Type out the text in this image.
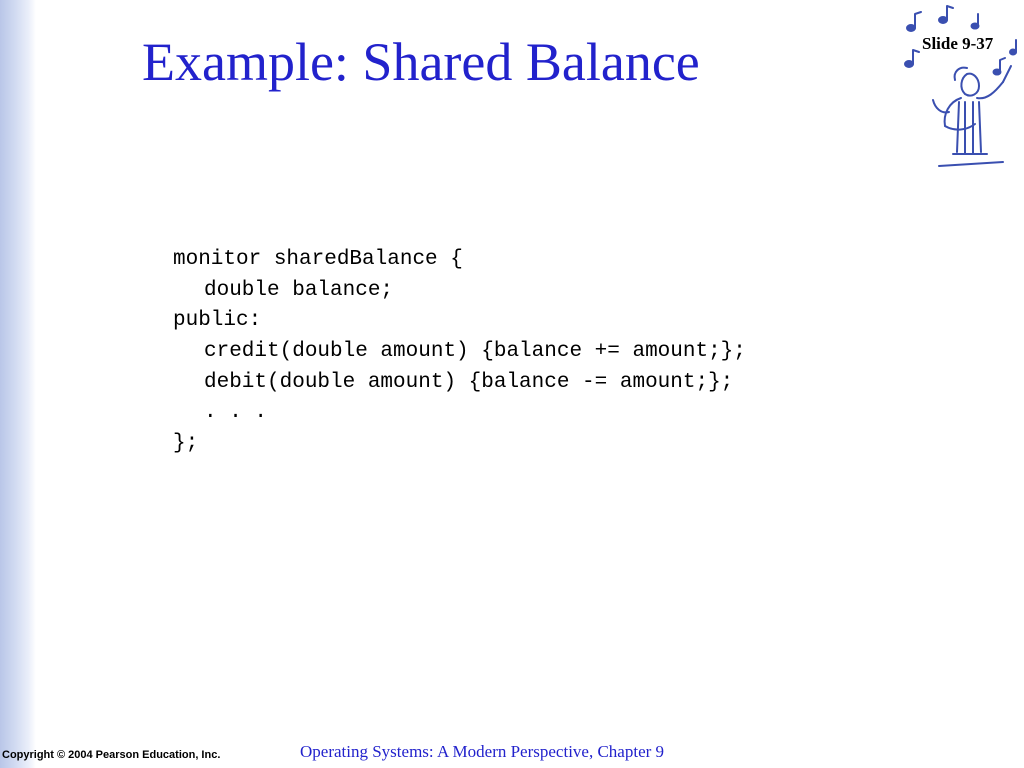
Example: Shared Balance	Slide 9-37
monitor sharedBalance {
double balance;
public:
credit(double amount) {balance += amount;};
debit(double amount) {balance -= amount;};
. . .
};
Copyright © 2004 Pearson Education, Inc.	Operating Systems: A Modern Perspective, Chapter 9
